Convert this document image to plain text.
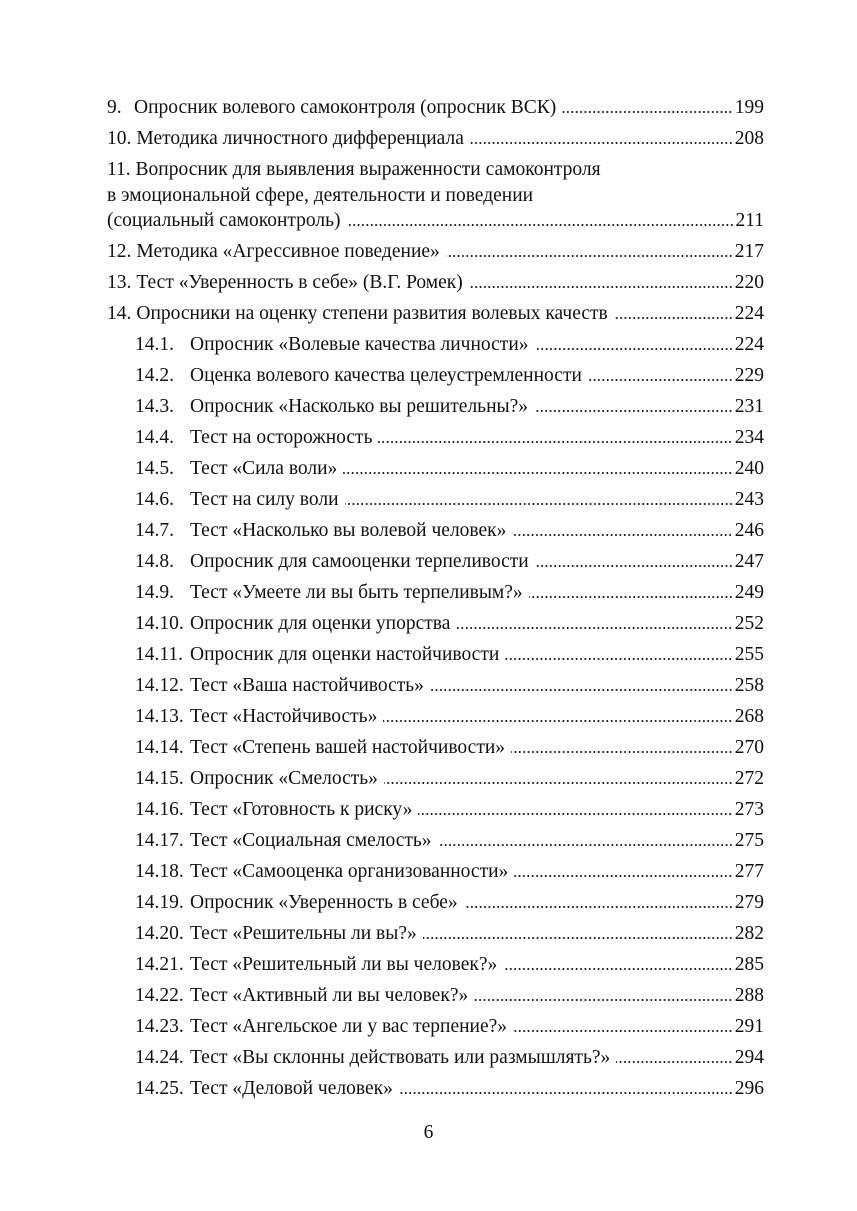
9. Опросник волевого самоконтроля (опросник ВСК)	199
10. Методика личностного дифференциала	208
11. Вопросник для выявления выраженности самоконтроля
в эмоциональной сфере, деятельности и поведении
(социальный самоконтроль)	211
12. Методика «Агрессивное поведение»	217
13. Тест «Уверенность в себе» (В.Г. Ромек)	220
14. Опросники на оценку степени развития волевых качеств	224
14.1. Опросник «Волевые качества личности»	224
14.2. Оценка волевого качества целеустремленности	229
14.3. Опросник «Насколько вы решительны?»	231
14.4. Тест на осторожность	234
14.5. Тест «Сила воли»	240
14.6. Тест на силу воли	243
14.7. Тест «Насколько вы волевой человек»	246
14.8. Опросник для самооценки терпеливости	247
14.9. Тест «Умеете ли вы быть терпеливым?»	249
14.10. Опросник для оценки упорства	252
14.11. Опросник для оценки настойчивости	255
14.12. Тест «Ваша настойчивость»	258
14.13. Тест «Настойчивость»	268
14.14. Тест «Степень вашей настойчивости»	270
14.15. Опросник «Смелость»	272
14.16. Тест «Готовность к риску»	273
14.17. Тест «Социальная смелость»	275
14.18. Тест «Самооценка организованности»	277
14.19. Опросник «Уверенность в себе»	279
14.20. Тест «Решительны ли вы?»	282
14.21. Тест «Решительный ли вы человек?»	285
14.22. Тест «Активный ли вы человек?»	288
14.23. Тест «Ангельское ли у вас терпение?»	291
14.24. Тест «Вы склонны действовать или размышлять?»	294
14.25. Тест «Деловой человек»	296
6
